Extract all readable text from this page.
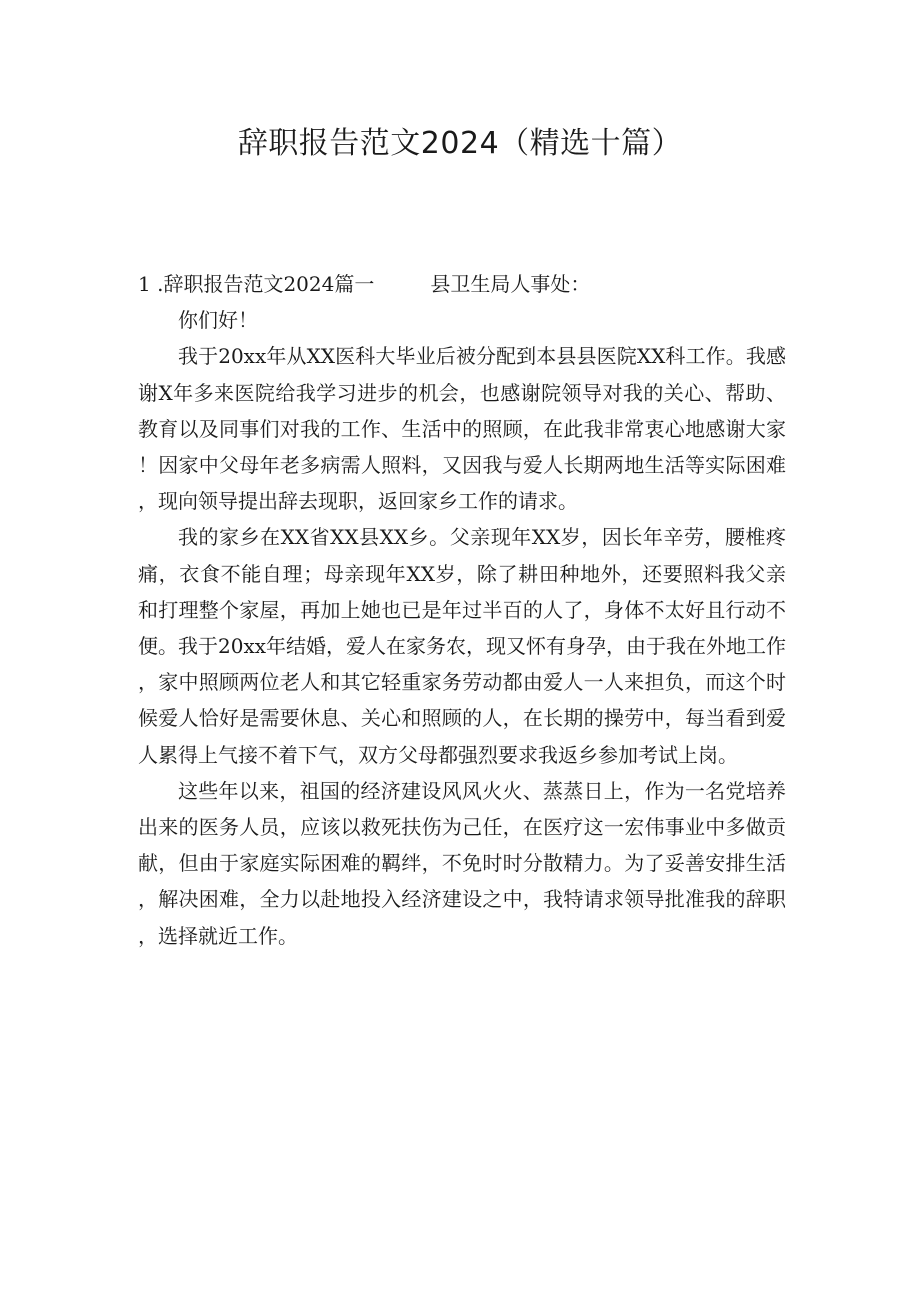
辞职报告范文2024（精选十篇）

1 .辞职报告范文2024篇一	县卫生局人事处：

你们好！

我于20xx年从XX医科大毕业后被分配到本县县医院XX科工作。我感谢X年多来医院给我学习进步的机会，也感谢院领导对我的关心、帮助、教育以及同事们对我的工作、生活中的照顾，在此我非常衷心地感谢大家！因家中父母年老多病需人照料，又因我与爱人长期两地生活等实际困难，现向领导提出辞去现职，返回家乡工作的请求。

我的家乡在XX省XX县XX乡。父亲现年XX岁，因长年辛劳，腰椎疼痛，衣食不能自理；母亲现年XX岁，除了耕田种地外，还要照料我父亲和打理整个家屋，再加上她也已是年过半百的人了，身体不太好且行动不便。我于20xx年结婚，爱人在家务农，现又怀有身孕，由于我在外地工作，家中照顾两位老人和其它轻重家务劳动都由爱人一人来担负，而这个时候爱人恰好是需要休息、关心和照顾的人，在长期的操劳中，每当看到爱人累得上气接不着下气，双方父母都强烈要求我返乡参加考试上岗。

这些年以来，祖国的经济建设风风火火、蒸蒸日上，作为一名党培养出来的医务人员，应该以救死扶伤为己任，在医疗这一宏伟事业中多做贡献，但由于家庭实际困难的羁绊，不免时时分散精力。为了妥善安排生活，解决困难，全力以赴地投入经济建设之中，我特请求领导批准我的辞职，选择就近工作。
